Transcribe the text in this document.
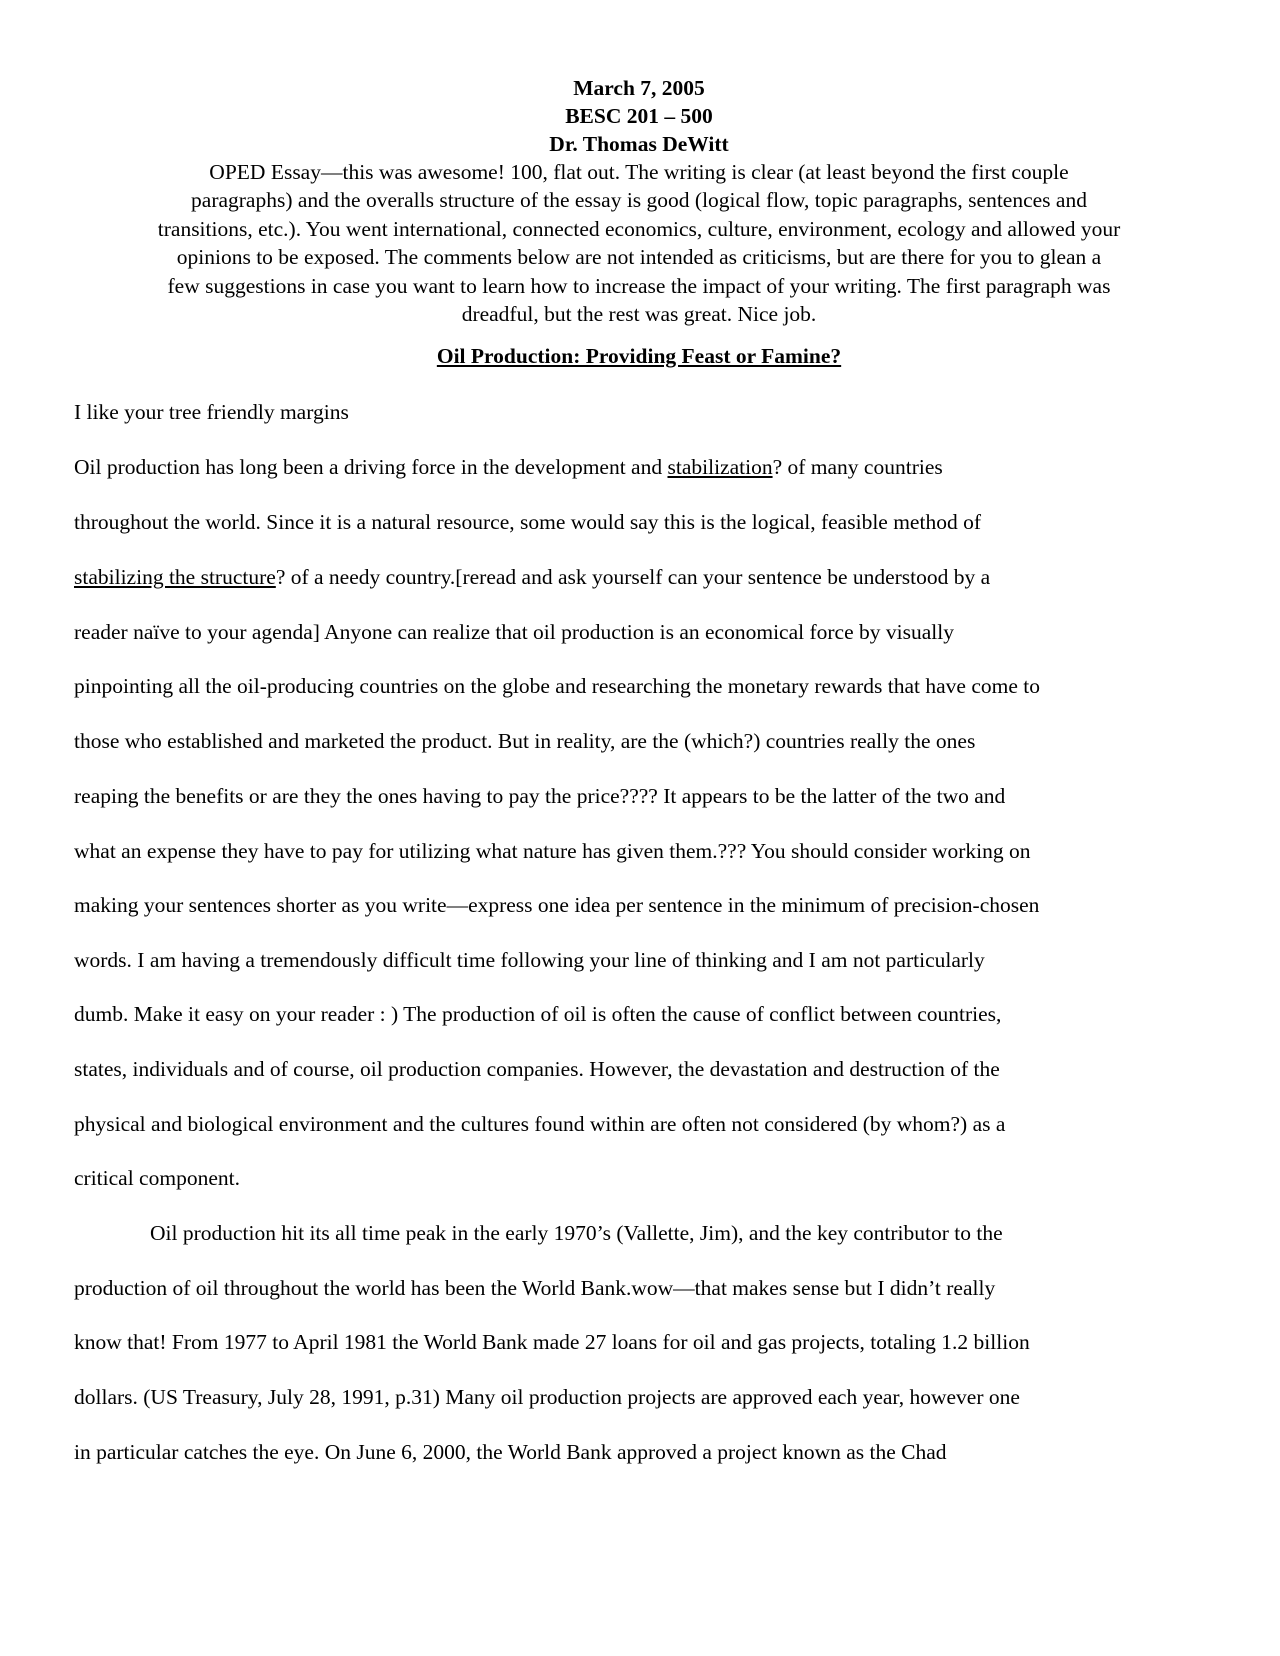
March 7, 2005

BESC 201 – 500

Dr. Thomas DeWitt

OPED Essay—this was awesome! 100, flat out. The writing is clear (at least beyond the first couple
paragraphs) and the overalls structure of the essay is good (logical flow, topic paragraphs, sentences and
transitions, etc.). You went international, connected economics, culture, environment, ecology and allowed your
opinions to be exposed. The comments below are not intended as criticisms, but are there for you to glean a
few suggestions in case you want to learn how to increase the impact of your writing. The first paragraph was
dreadful, but the rest was great. Nice job.
Oil Production: Providing Feast or Famine?

I like your tree friendly margins

Oil production has long been a driving force in the development and stabilization? of many countries

throughout the world. Since it is a natural resource, some would say this is the logical, feasible method of

stabilizing the structure? of a needy country.[reread and ask yourself can your sentence be understood by a

reader naïve to your agenda] Anyone can realize that oil production is an economical force by visually

pinpointing all the oil-producing countries on the globe and researching the monetary rewards that have come to

those who established and marketed the product. But in reality, are the (which?) countries really the ones

reaping the benefits or are they the ones having to pay the price???? It appears to be the latter of the two and

what an expense they have to pay for utilizing what nature has given them.??? You should consider working on

making your sentences shorter as you write—express one idea per sentence in the minimum of precision-chosen

words. I am having a tremendously difficult time following your line of thinking and I am not particularly

dumb. Make it easy on your reader : ) The production of oil is often the cause of conflict between countries,

states, individuals and of course, oil production companies. However, the devastation and destruction of the

physical and biological environment and the cultures found within are often not considered (by whom?) as a

critical component.

Oil production hit its all time peak in the early 1970’s (Vallette, Jim), and the key contributor to the

production of oil throughout the world has been the World Bank.wow—that makes sense but I didn’t really

know that! From 1977 to April 1981 the World Bank made 27 loans for oil and gas projects, totaling 1.2 billion

dollars. (US Treasury, July 28, 1991, p.31) Many oil production projects are approved each year, however one

in particular catches the eye. On June 6, 2000, the World Bank approved a project known as the Chad
